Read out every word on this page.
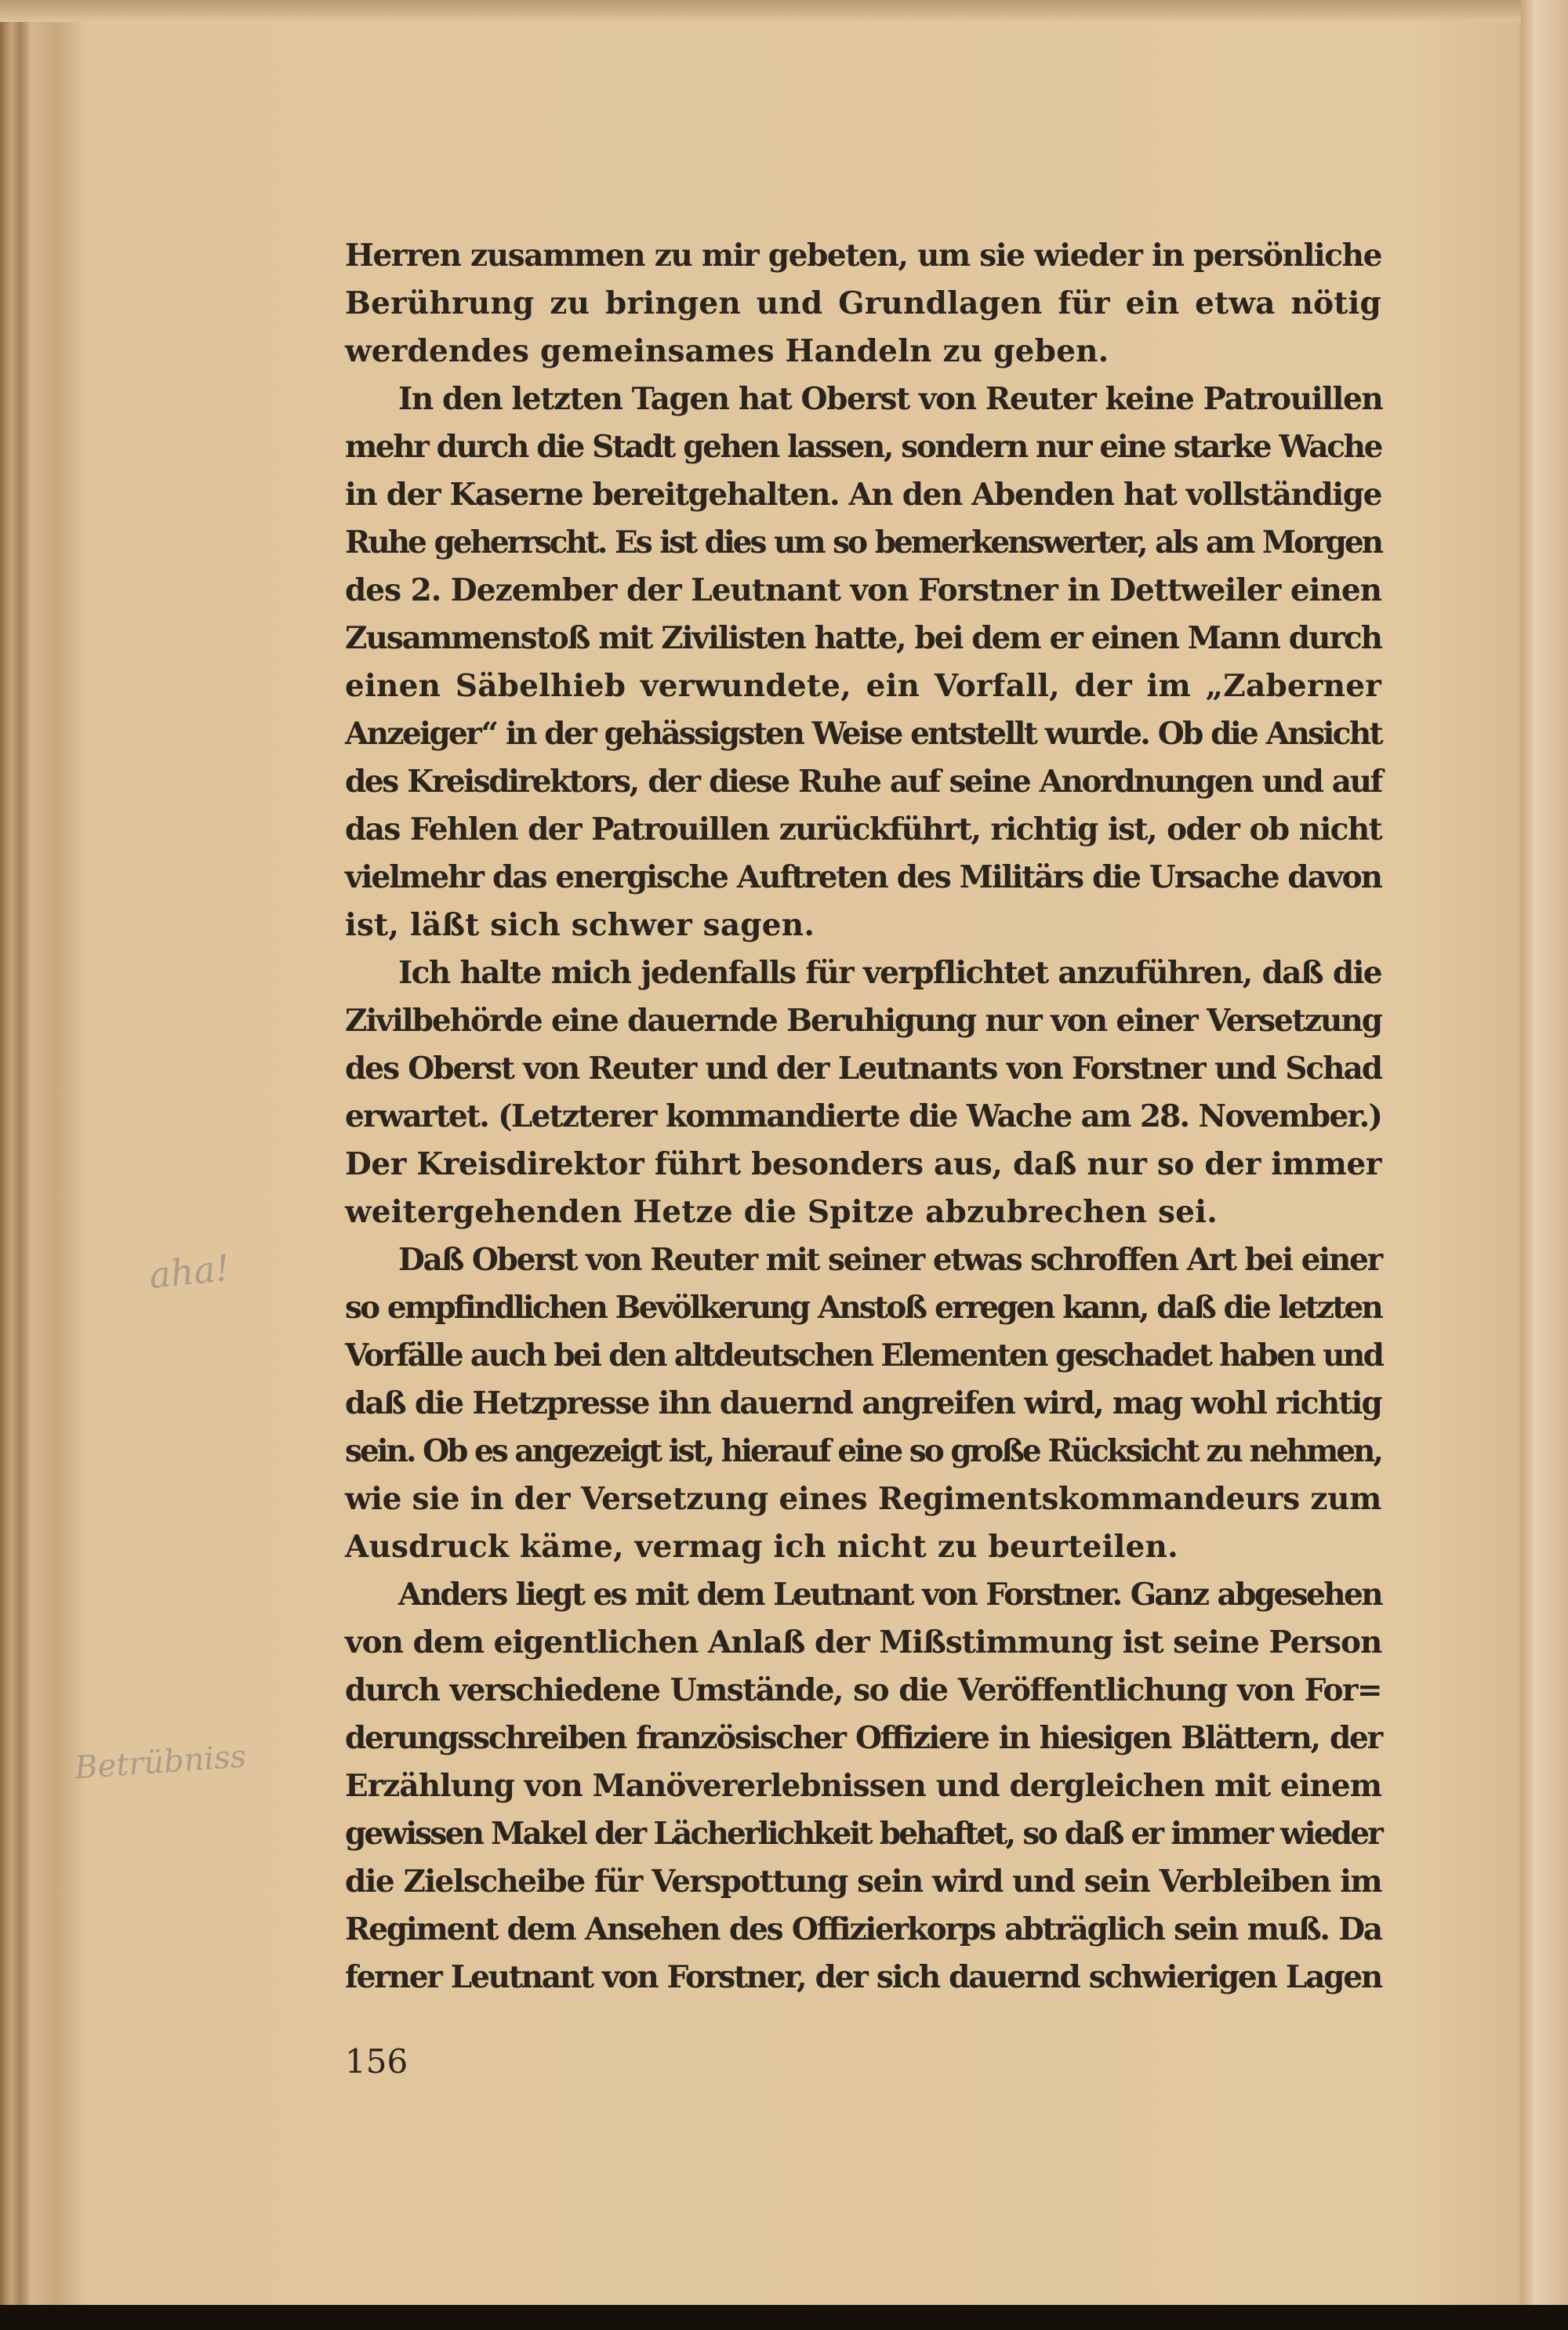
Herren zusammen zu mir gebeten, um sie wieder in persönliche
Berührung zu bringen und Grundlagen für ein etwa nötig
werdendes gemeinsames Handeln zu geben.
In den letzten Tagen hat Oberst von Reuter keine Patrouillen
mehr durch die Stadt gehen lassen, sondern nur eine starke Wache
in der Kaserne bereitgehalten. An den Abenden hat vollständige
Ruhe geherrscht. Es ist dies um so bemerkenswerter, als am Morgen
des 2. Dezember der Leutnant von Forstner in Dettweiler einen
Zusammenstoß mit Zivilisten hatte, bei dem er einen Mann durch
einen Säbelhieb verwundete, ein Vorfall, der im „Zaberner
Anzeiger“ in der gehässigsten Weise entstellt wurde. Ob die Ansicht
des Kreisdirektors, der diese Ruhe auf seine Anordnungen und auf
das Fehlen der Patrouillen zurückführt, richtig ist, oder ob nicht
vielmehr das energische Auftreten des Militärs die Ursache davon
ist, läßt sich schwer sagen.
Ich halte mich jedenfalls für verpflichtet anzuführen, daß die
Zivilbehörde eine dauernde Beruhigung nur von einer Versetzung
des Oberst von Reuter und der Leutnants von Forstner und Schad
erwartet. (Letzterer kommandierte die Wache am 28. November.)
Der Kreisdirektor führt besonders aus, daß nur so der immer
weitergehenden Hetze die Spitze abzubrechen sei.
Daß Oberst von Reuter mit seiner etwas schroffen Art bei einer
so empfindlichen Bevölkerung Anstoß erregen kann, daß die letzten
Vorfälle auch bei den altdeutschen Elementen geschadet haben und
daß die Hetzpresse ihn dauernd angreifen wird, mag wohl richtig
sein. Ob es angezeigt ist, hierauf eine so große Rücksicht zu nehmen,
wie sie in der Versetzung eines Regimentskommandeurs zum
Ausdruck käme, vermag ich nicht zu beurteilen.
Anders liegt es mit dem Leutnant von Forstner. Ganz abgesehen
von dem eigentlichen Anlaß der Mißstimmung ist seine Person
durch verschiedene Umstände, so die Veröffentlichung von For=
derungsschreiben französischer Offiziere in hiesigen Blättern, der
Erzählung von Manövererlebnissen und dergleichen mit einem
gewissen Makel der Lächerlichkeit behaftet, so daß er immer wieder
die Zielscheibe für Verspottung sein wird und sein Verbleiben im
Regiment dem Ansehen des Offizierkorps abträglich sein muß. Da
ferner Leutnant von Forstner, der sich dauernd schwierigen Lagen
aha!
Betrübniss
156
